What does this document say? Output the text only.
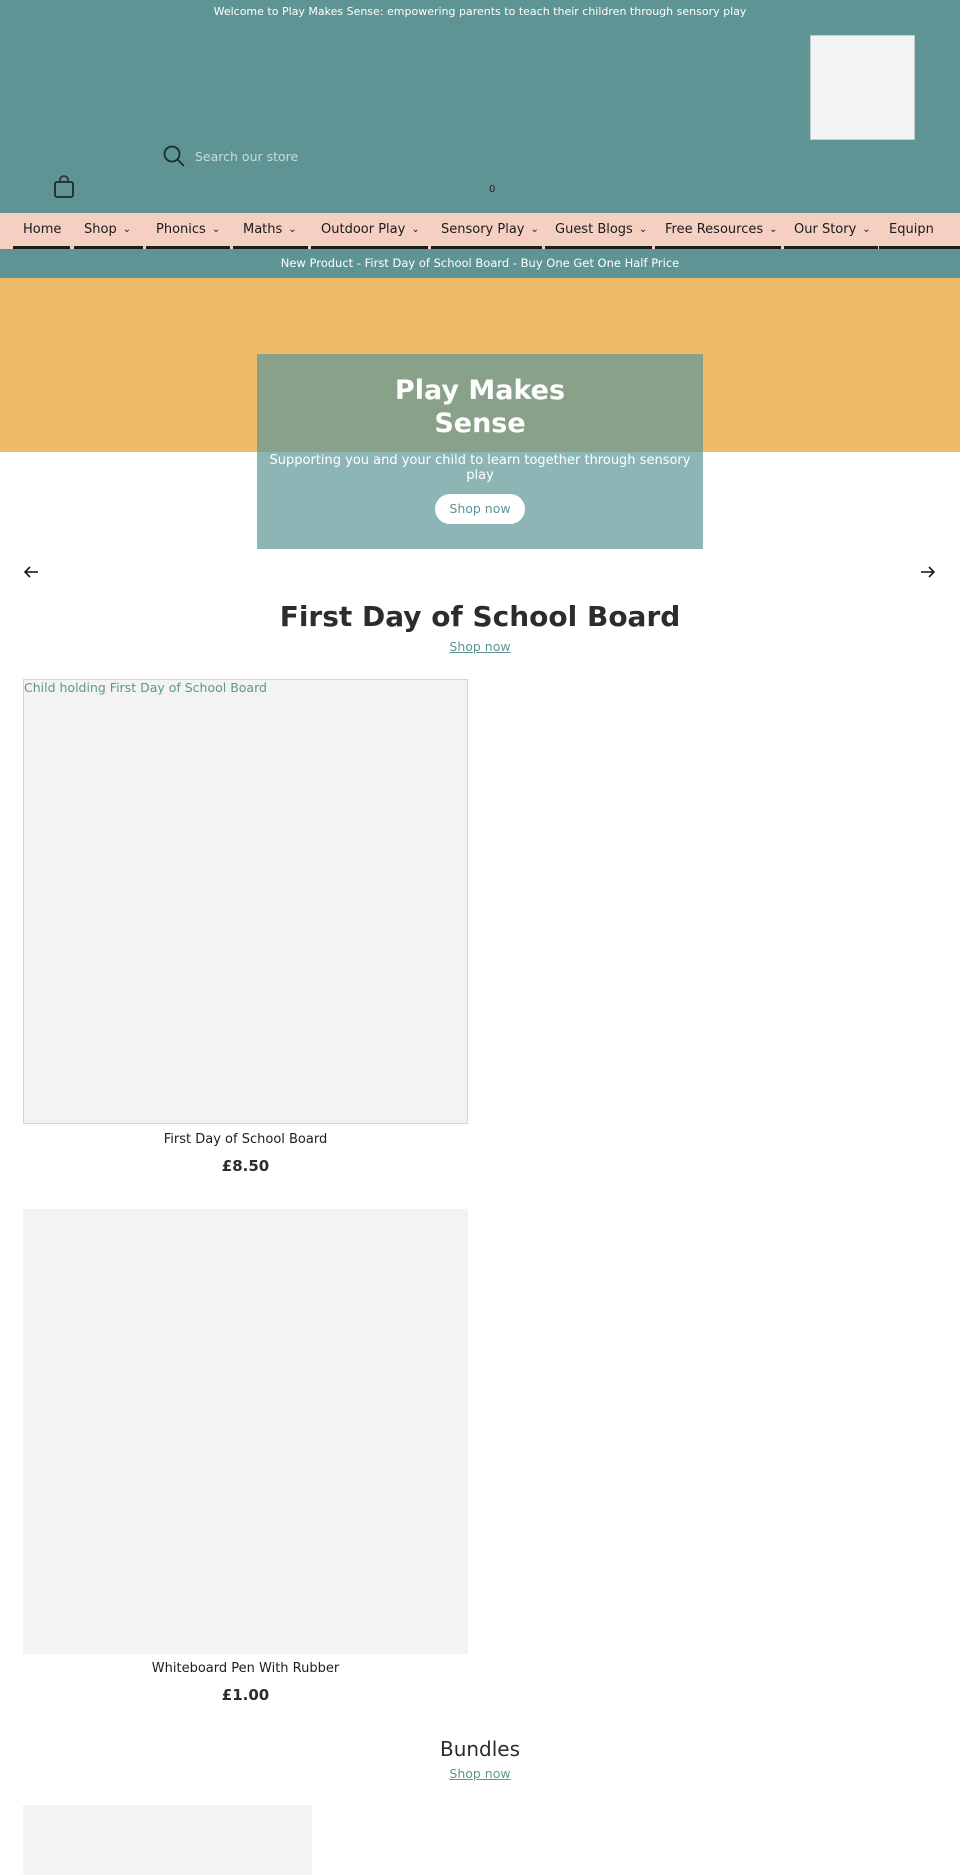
Welcome to Play Makes Sense: empowering parents to teach their children through sensory play
Search our store
0
Home Shop ⌄ Phonics ⌄ Maths ⌄ Outdoor Play ⌄ Sensory Play ⌄ Guest Blogs ⌄ Free Resources ⌄ Our Story ⌄ Equipn
New Product - First Day of School Board - Buy One Get One Half Price
Play Makes
Sense
Supporting you and your child to learn together through sensory play
Shop now
First Day of School Board
Shop now
Child holding First Day of School Board
First Day of School Board
£8.50
Whiteboard Pen With Rubber
£1.00
Bundles
Shop now
